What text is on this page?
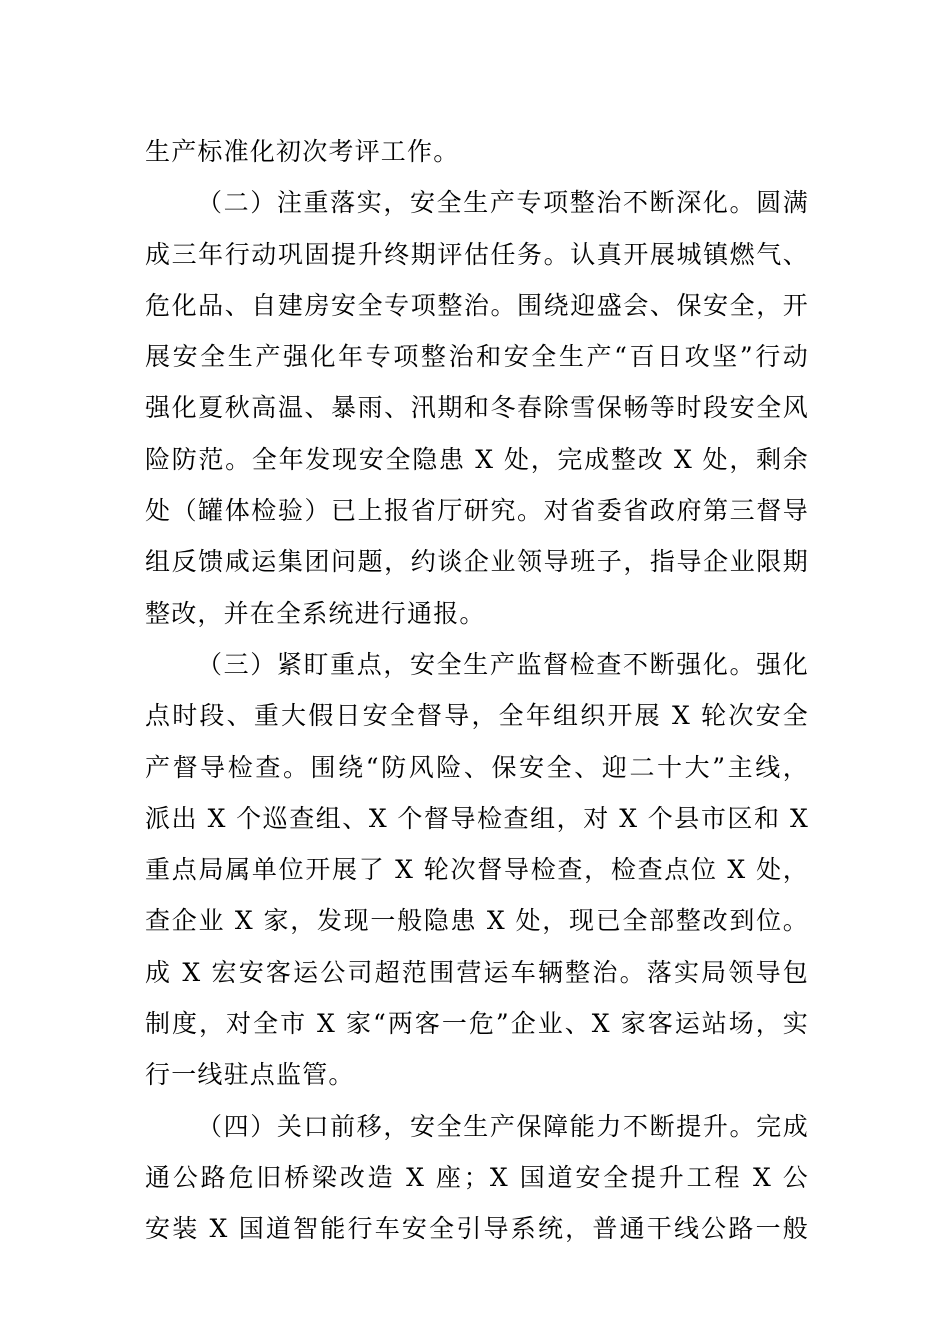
生产标准化初次考评工作。
（二）注重落实，安全生产专项整治不断深化。圆满
成三年行动巩固提升终期评估任务。认真开展城镇燃气、
危化品、自建房安全专项整治。围绕迎盛会、保安全，开
展安全生产强化年专项整治和安全生产“百日攻坚”行动
强化夏秋高温、暴雨、汛期和冬春除雪保畅等时段安全风
险防范。全年发现安全隐患 X 处，完成整改 X 处，剩余
处（罐体检验）已上报省厅研究。对省委省政府第三督导
组反馈咸运集团问题，约谈企业领导班子，指导企业限期
整改，并在全系统进行通报。
（三）紧盯重点，安全生产监督检查不断强化。强化
点时段、重大假日安全督导，全年组织开展 X 轮次安全
产督导检查。围绕“防风险、保安全、迎二十大”主线，
派出 X 个巡查组、X 个督导检查组，对 X 个县市区和 X
重点局属单位开展了 X 轮次督导检查，检查点位 X 处，
查企业 X 家，发现一般隐患 X 处，现已全部整改到位。
成 X 宏安客运公司超范围营运车辆整治。落实局领导包
制度，对全市 X 家“两客一危”企业、X 家客运站场，实
行一线驻点监管。
（四）关口前移，安全生产保障能力不断提升。完成
通公路危旧桥梁改造 X 座；X 国道安全提升工程 X 公
安装 X 国道智能行车安全引导系统，普通干线公路一般
